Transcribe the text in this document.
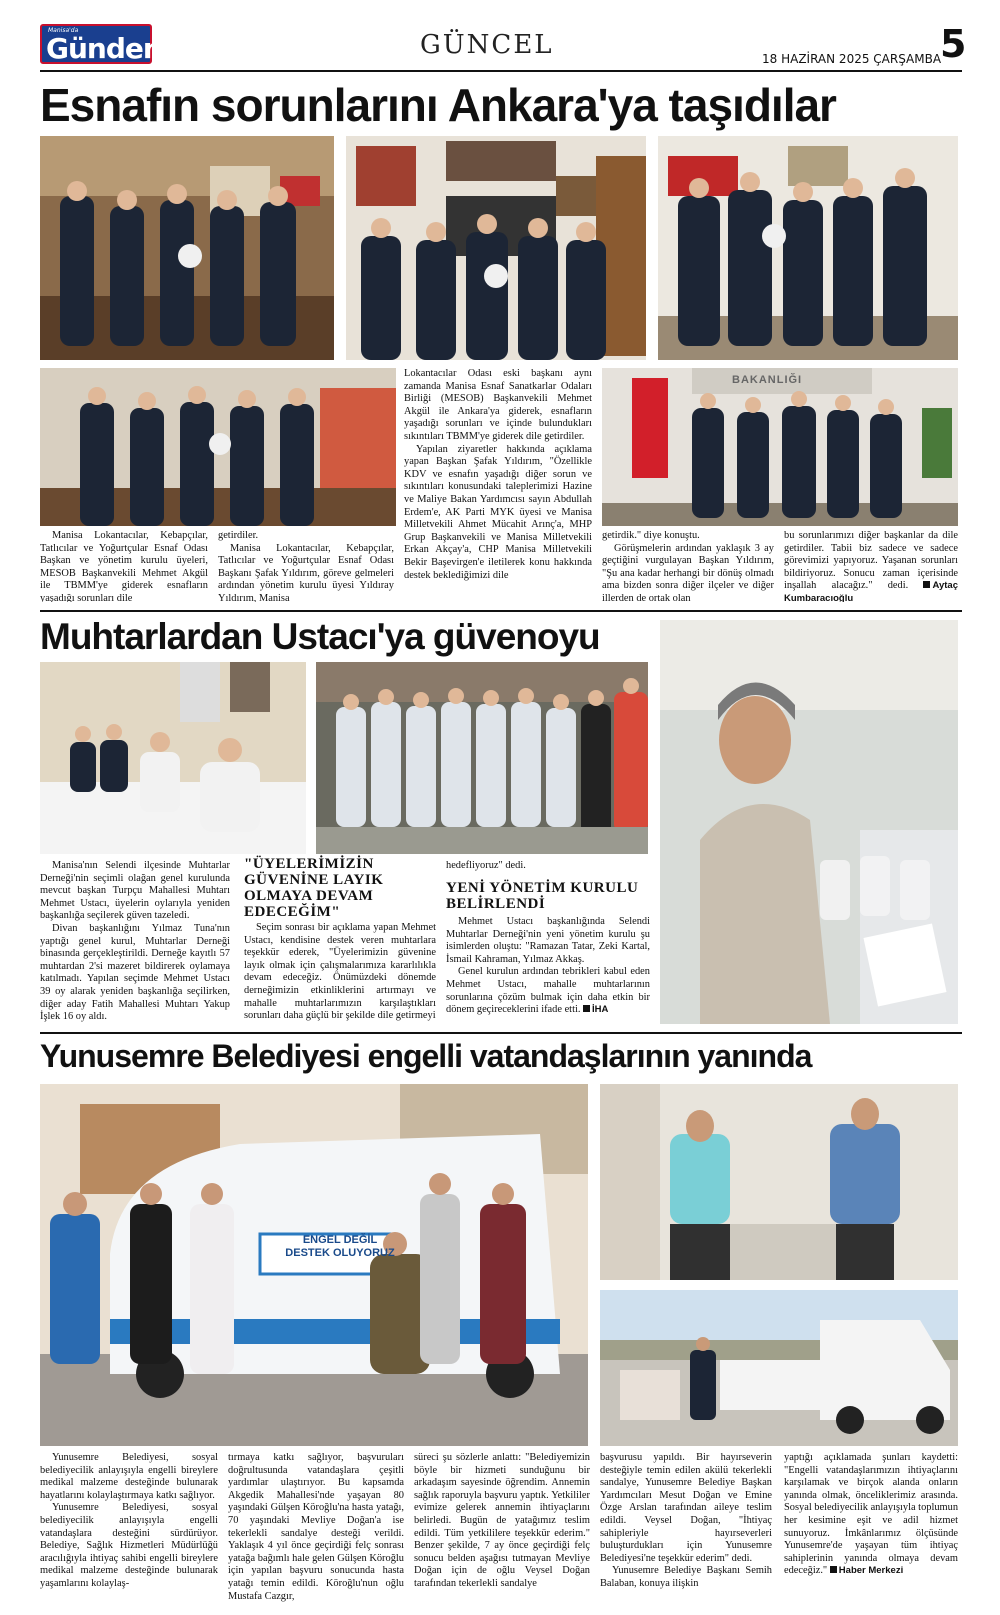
Manisa'da
Gündem	GÜNCEL	18 HAZİRAN 2025 ÇARŞAMBA
5
Esnafın sorunlarını Ankara'ya taşıdılar
BAKANLIĞI

Manisa Lokantacılar, Kebapçılar, Tatlıcılar ve Yoğurtçular Esnaf Odası Başkan ve yönetim kurulu üyeleri, MESOB Başkanvekili Mehmet Akgül ile TBMM'ye giderek esnafların yaşadığı sorunları dile

getirdiler.

Manisa Lokantacılar, Kebapçılar, Tatlıcılar ve Yoğurtçular Esnaf Odası Başkanı Şafak Yıldırım, göreve gelmeleri ardından yönetim kurulu üyesi Yıldıray Yıldırım, Manisa

Lokantacılar Odası eski başkanı aynı zamanda Manisa Esnaf Sanatkarlar Odaları Birliği (MESOB) Başkanvekili Mehmet Akgül ile Ankara'ya giderek, esnafların yaşadığı sorunları ve içinde bulundukları sıkıntıları TBMM'ye giderek dile getirdiler.

Yapılan ziyaretler hakkında açıklama yapan Başkan Şafak Yıldırım, "Özellikle KDV ve esnafın yaşadığı diğer sorun ve sıkıntıları konusundaki taleplerimizi Hazine ve Maliye Bakan Yardımcısı sayın Abdullah Erdem'e, AK Parti MYK üyesi ve Manisa Milletvekili Ahmet Mücahit Arınç'a, MHP Grup Başkanvekili ve Manisa Milletvekili Erkan Akçay'a, CHP Manisa Milletvekili Bekir Başevirgen'e iletilerek konu hakkında destek beklediğimizi dile

getirdik." diye konuştu.

Görüşmelerin ardından yaklaşık 3 ay geçtiğini vurgulayan Başkan Yıldırım, "Şu ana kadar herhangi bir dönüş olmadı ama bizden sonra diğer ilçeler ve diğer illerden de ortak olan

bu sorunlarımızı diğer başkanlar da dile getirdiler. Tabii biz sadece ve sadece görevimizi yapıyoruz. Yaşanan sorunları bildiriyoruz. Sonucu zaman içerisinde inşallah alacağız." dedi.	Aytaç Kumbaracıoğlu

Muhtarlardan Ustacı'ya güvenoyu

Manisa'nın Selendi ilçesinde Muhtarlar Derneği'nin seçimli olağan genel kurulunda mevcut başkan Turpçu Mahallesi Muhtarı Mehmet Ustacı, üyelerin oylarıyla yeniden başkanlığa seçilerek güven tazeledi.

Divan başkanlığını Yılmaz Tuna'nın yaptığı genel kurul, Muhtarlar Derneği binasında gerçekleştirildi. Derneğe kayıtlı 57 muhtardan 2'si mazeret bildirerek oylamaya katılmadı. Yapılan seçimde Mehmet Ustacı 39 oy alarak yeniden başkanlığa seçilirken, diğer aday Fatih Mahallesi Muhtarı Yakup İşlek 16 oy aldı.

"ÜYELERİMİZİN GÜVENİNE LAYIK OLMAYA DEVAM EDECEĞİM"

Seçim sonrası bir açıklama yapan Mehmet Ustacı, kendisine destek veren muhtarlara teşekkür ederek, "Üyelerimizin güvenine layık olmak için çalışmalarımıza kararlılıkla devam edeceğiz. Önümüzdeki dönemde derneğimizin etkinliklerini artırmayı ve mahalle muhtarlarımızın karşılaştıkları sorunları daha güçlü bir şekilde dile getirmeyi

hedefliyoruz" dedi.

YENİ YÖNETİM KURULU BELİRLENDİ

Mehmet Ustacı başkanlığında Selendi Muhtarlar Derneği'nin yeni yönetim kurulu şu isimlerden oluştu: "Ramazan Tatar, Zeki Kartal, İsmail Kahraman, Yılmaz Akkaş.

Genel kurulun ardından tebrikleri kabul eden Mehmet Ustacı, mahalle muhtarlarının sorunlarına çözüm bulmak için daha etkin bir dönem geçireceklerini ifade etti. İHA

Yunusemre Belediyesi engelli vatandaşlarının yanında
ENGEL DEĞİL
DESTEK OLUYORUZ

Yunusemre Belediyesi, sosyal belediyecilik anlayışıyla engelli bireylere medikal malzeme desteğinde bulunarak hayatlarını kolaylaştırmaya katkı sağlıyor.

Yunusemre Belediyesi, sosyal belediyecilik anlayışıyla engelli vatandaşlara desteğini sürdürüyor. Belediye, Sağlık Hizmetleri Müdürlüğü aracılığıyla ihtiyaç sahibi engelli bireylere medikal malzeme desteğinde bulunarak yaşamlarını kolaylaş-

tırmaya katkı sağlıyor, başvuruları doğrultusunda vatandaşlara çeşitli yardımlar ulaştırıyor. Bu kapsamda Akgedik Mahallesi'nde yaşayan 80 yaşındaki Gülşen Köroğlu'na hasta yatağı, 70 yaşındaki Mevliye Doğan'a ise tekerlekli sandalye desteği verildi. Yaklaşık 4 yıl önce geçirdiği felç sonrası yatağa bağımlı hale gelen Gülşen Köroğlu için yapılan başvuru sonucunda hasta yatağı temin edildi. Köroğlu'nun oğlu Mustafa Cazgır,

süreci şu sözlerle anlattı: "Belediyemizin böyle bir hizmeti sunduğunu bir arkadaşım sayesinde öğrendim. Annemin sağlık raporuyla başvuru yaptık. Yetkililer evimize gelerek annemin ihtiyaçlarını belirledi. Bugün de yatağımız teslim edildi. Tüm yetkililere teşekkür ederim." Benzer şekilde, 7 ay önce geçirdiği felç sonucu belden aşağısı tutmayan Mevliye Doğan için de oğlu Veysel Doğan tarafından tekerlekli sandalye

başvurusu yapıldı. Bir hayırseverin desteğiyle temin edilen akülü tekerlekli sandalye, Yunusemre Belediye Başkan Yardımcıları Mesut Doğan ve Emine Özge Arslan tarafından aileye teslim edildi. Veysel Doğan, "İhtiyaç sahipleriyle hayırseverleri buluşturdukları için Yunusemre Belediyesi'ne teşekkür ederim" dedi.

Yunusemre Belediye Başkanı Semih Balaban, konuya ilişkin

yaptığı açıklamada şunları kaydetti: "Engelli vatandaşlarımızın ihtiyaçlarını karşılamak ve birçok alanda onların yanında olmak, önceliklerimiz arasında. Sosyal belediyecilik anlayışıyla toplumun her kesimine eşit ve adil hizmet sunuyoruz. İmkânlarımız ölçüsünde Yunusemre'de yaşayan tüm ihtiyaç sahiplerinin yanında olmaya devam edeceğiz." Haber Merkezi
